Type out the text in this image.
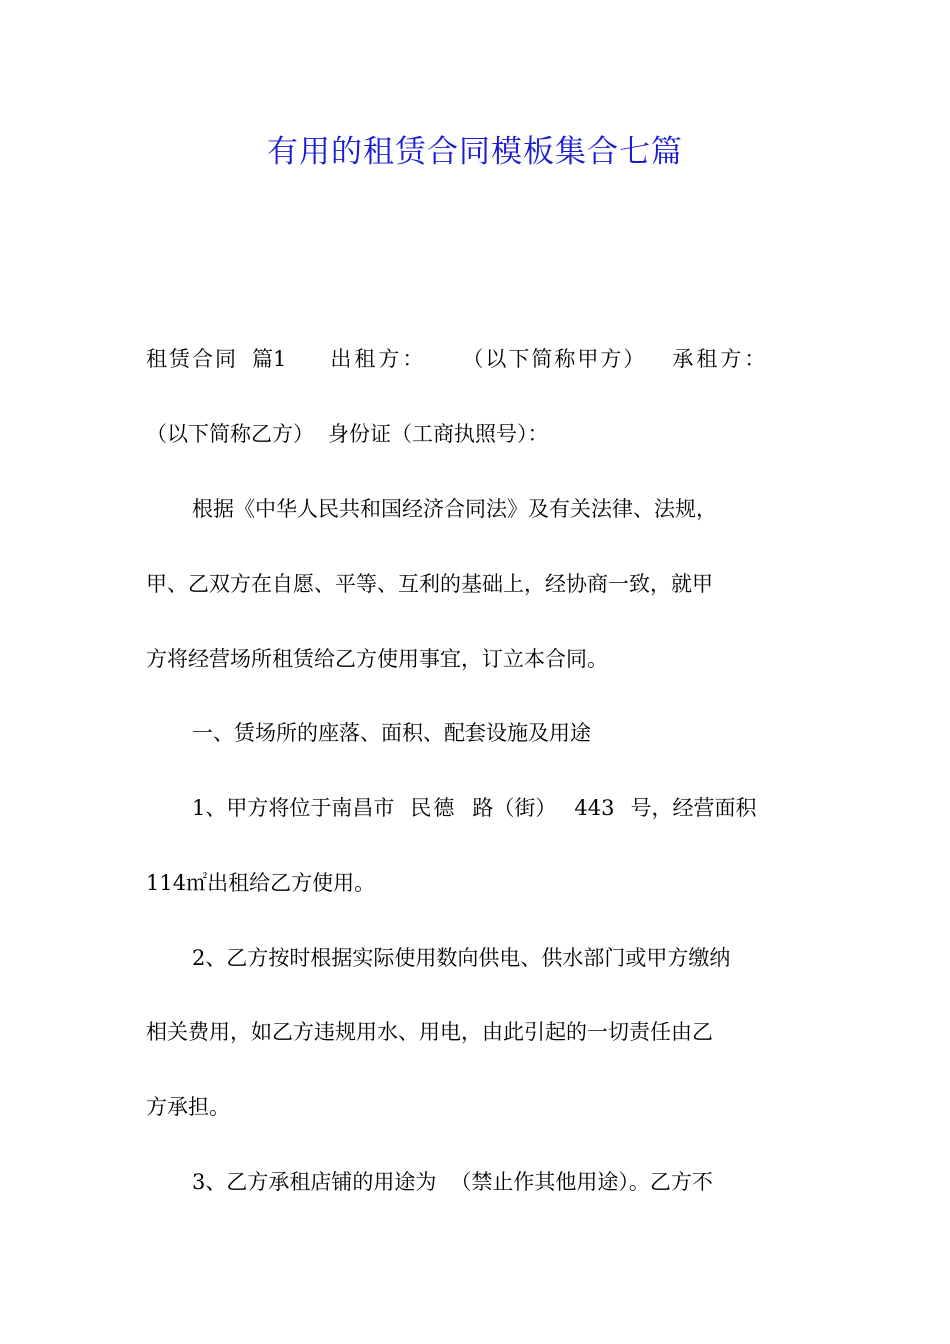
有用的租赁合同模板集合七篇
租赁合同 篇1 出租方： （以下简称甲方） 承租方：
（以下简称乙方） 身份证（工商执照号）：
根据《中华人民共和国经济合同法》及有关法律、法规，
甲、乙双方在自愿、平等、互利的基础上，经协商一致，就甲
方将经营场所租赁给乙方使用事宜，订立本合同。
一、赁场所的座落、面积、配套设施及用途
1、甲方将位于南昌市 民德 路（街） 443 号，经营面积
114㎡出租给乙方使用。
2、乙方按时根据实际使用数向供电、供水部门或甲方缴纳
相关费用，如乙方违规用水、用电，由此引起的一切责任由乙
方承担。
3、乙方承租店铺的用途为 （禁止作其他用途）。乙方不
